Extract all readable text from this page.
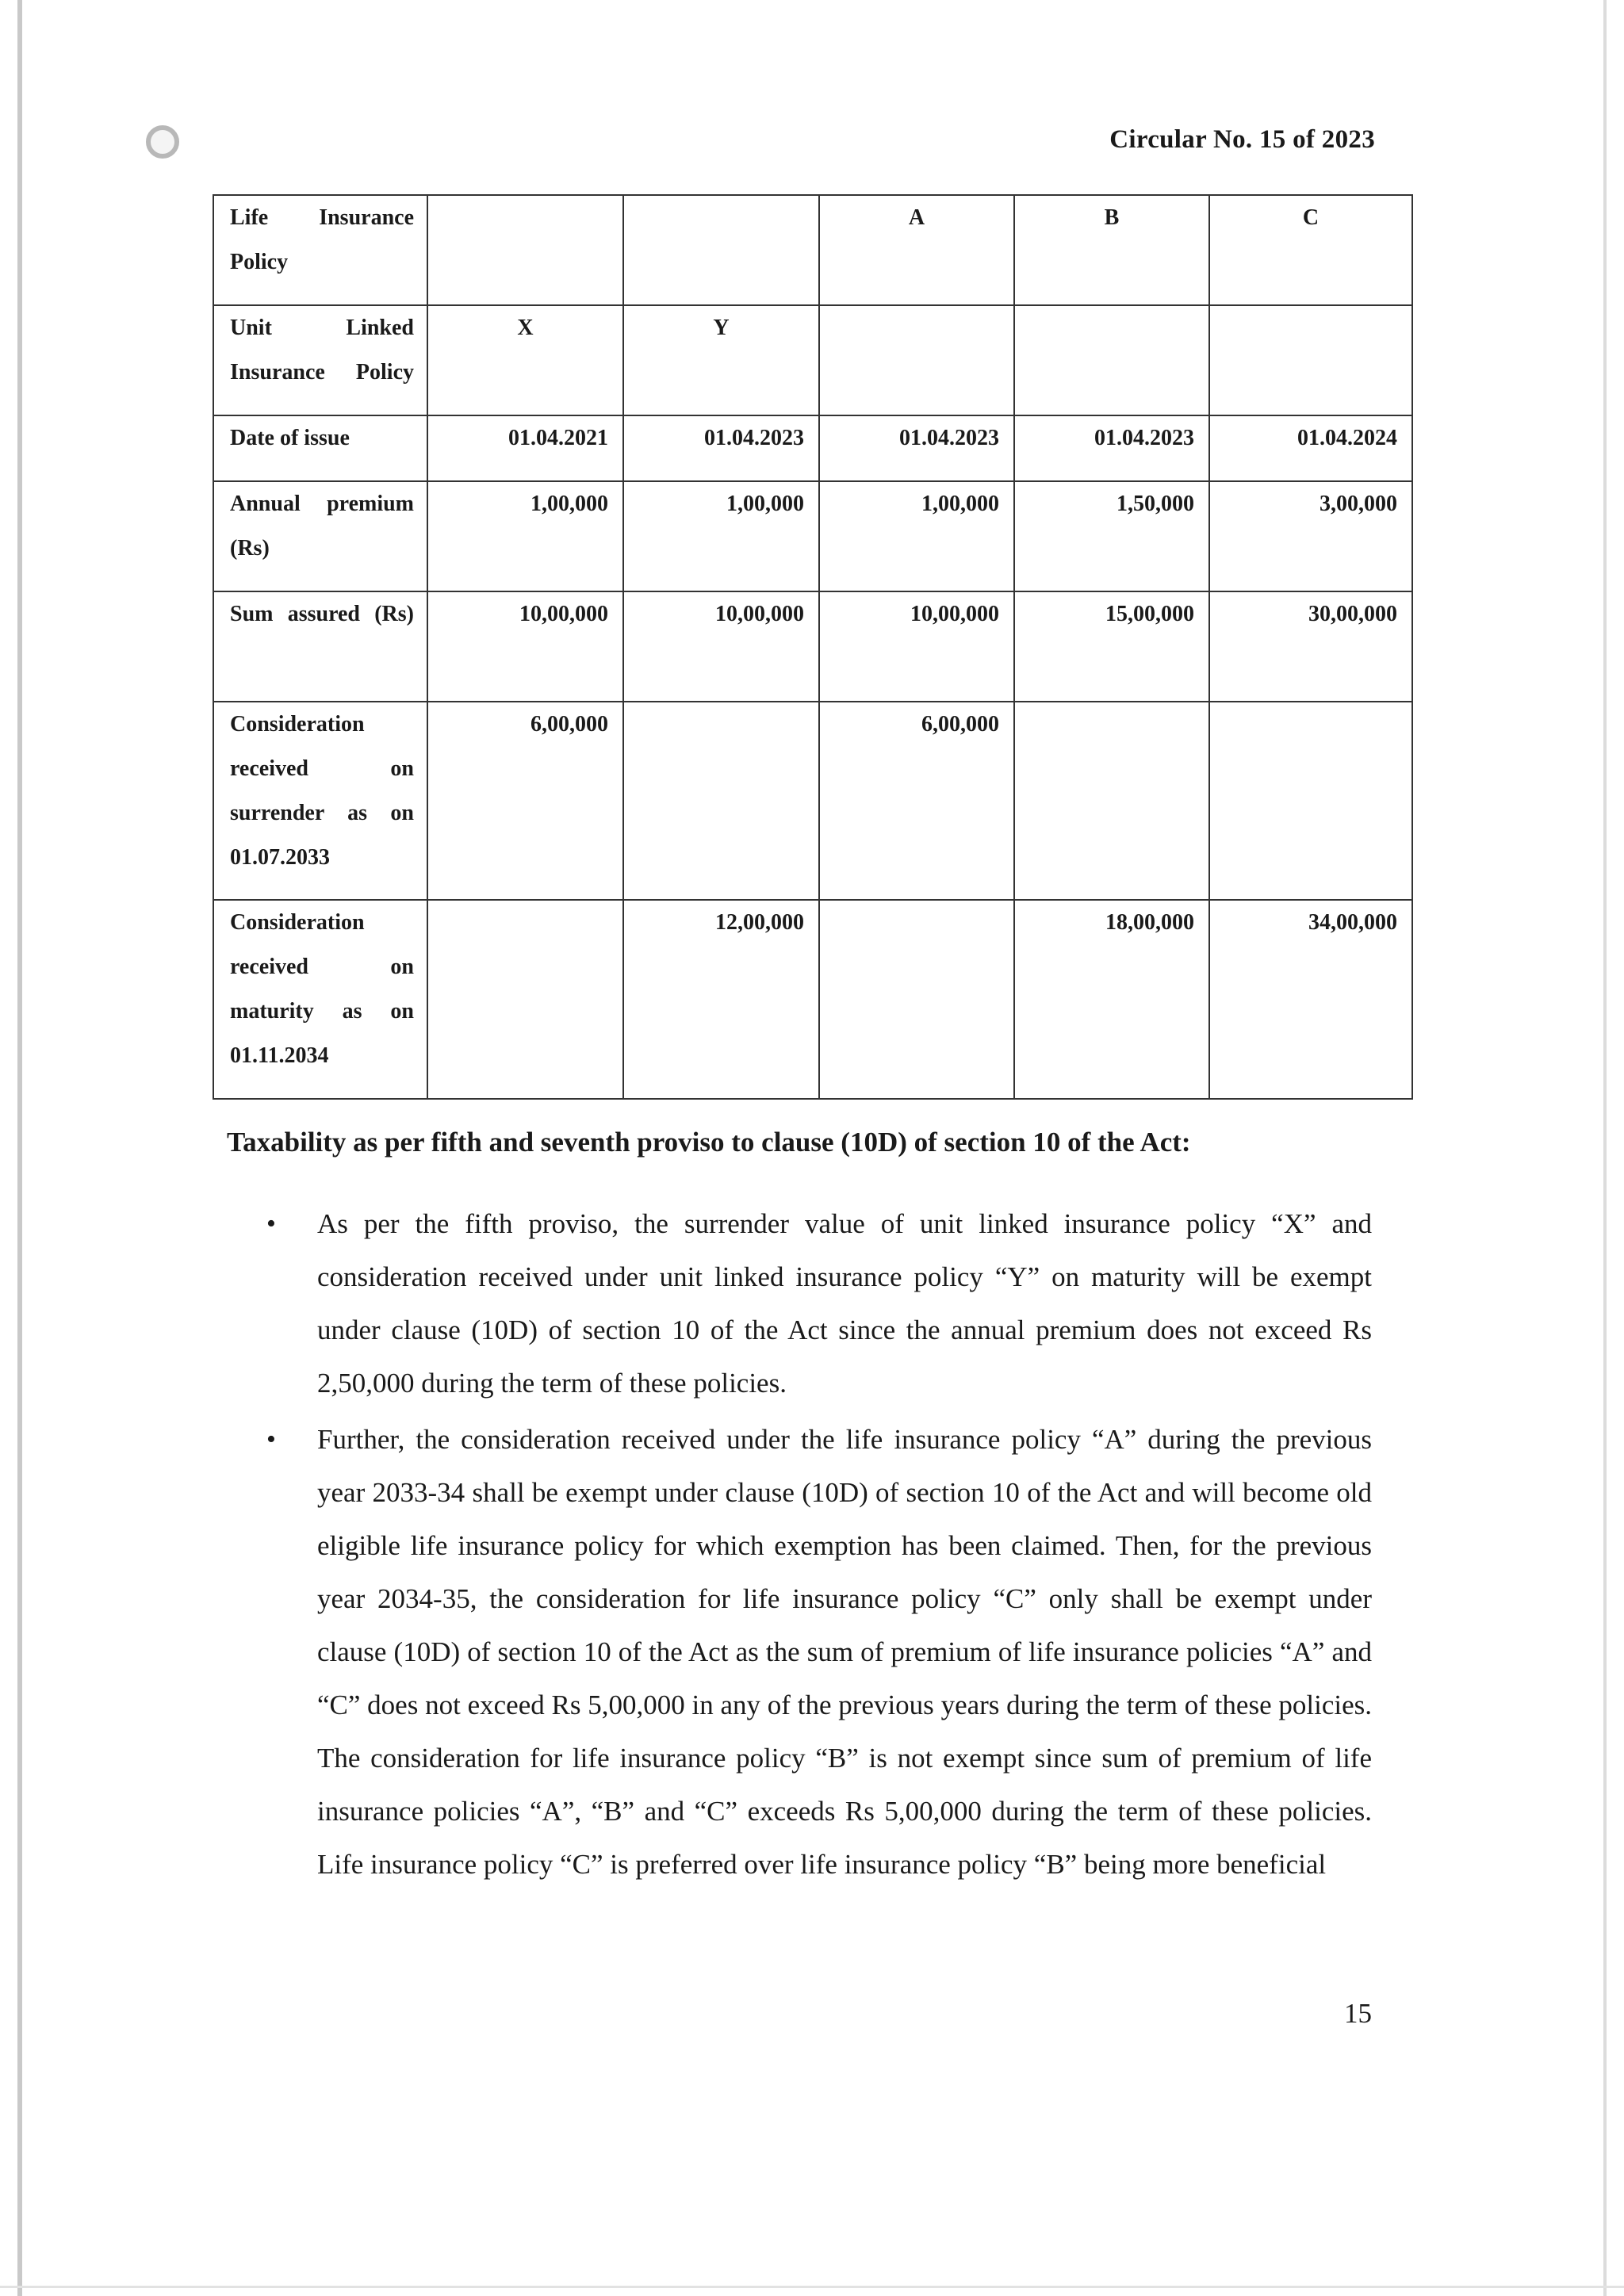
Circular No. 15 of 2023
Life Insurance Policy			A	B	C
Unit Linked Insurance Policy	X	Y			
Date of issue	01.04.2021	01.04.2023	01.04.2023	01.04.2023	01.04.2024
Annual premium (Rs)	1,00,000	1,00,000	1,00,000	1,50,000	3,00,000
Sum assured (Rs)	10,00,000	10,00,000	10,00,000	15,00,000	30,00,000
Consideration received on surrender as on 01.07.2033	6,00,000		6,00,000		
Consideration received on maturity as on 01.11.2034		12,00,000		18,00,000	34,00,000
Taxability as per fifth and seventh proviso to clause (10D) of section 10 of the Act:
• As per the fifth proviso, the surrender value of unit linked insurance policy “X” and consideration received under unit linked insurance policy “Y” on maturity will be exempt under clause (10D) of section 10 of the Act since the annual premium does not exceed Rs 2,50,000 during the term of these policies.
• Further, the consideration received under the life insurance policy “A” during the previous year 2033-34 shall be exempt under clause (10D) of section 10 of the Act and will become old eligible life insurance policy for which exemption has been claimed. Then, for the previous year 2034-35, the consideration for life insurance policy “C” only shall be exempt under clause (10D) of section 10 of the Act as the sum of premium of life insurance policies “A” and “C” does not exceed Rs 5,00,000 in any of the previous years during the term of these policies. The consideration for life insurance policy “B” is not exempt since sum of premium of life insurance policies “A”, “B” and “C” exceeds Rs 5,00,000 during the term of these policies. Life insurance policy “C” is preferred over life insurance policy “B” being more beneficial
15
